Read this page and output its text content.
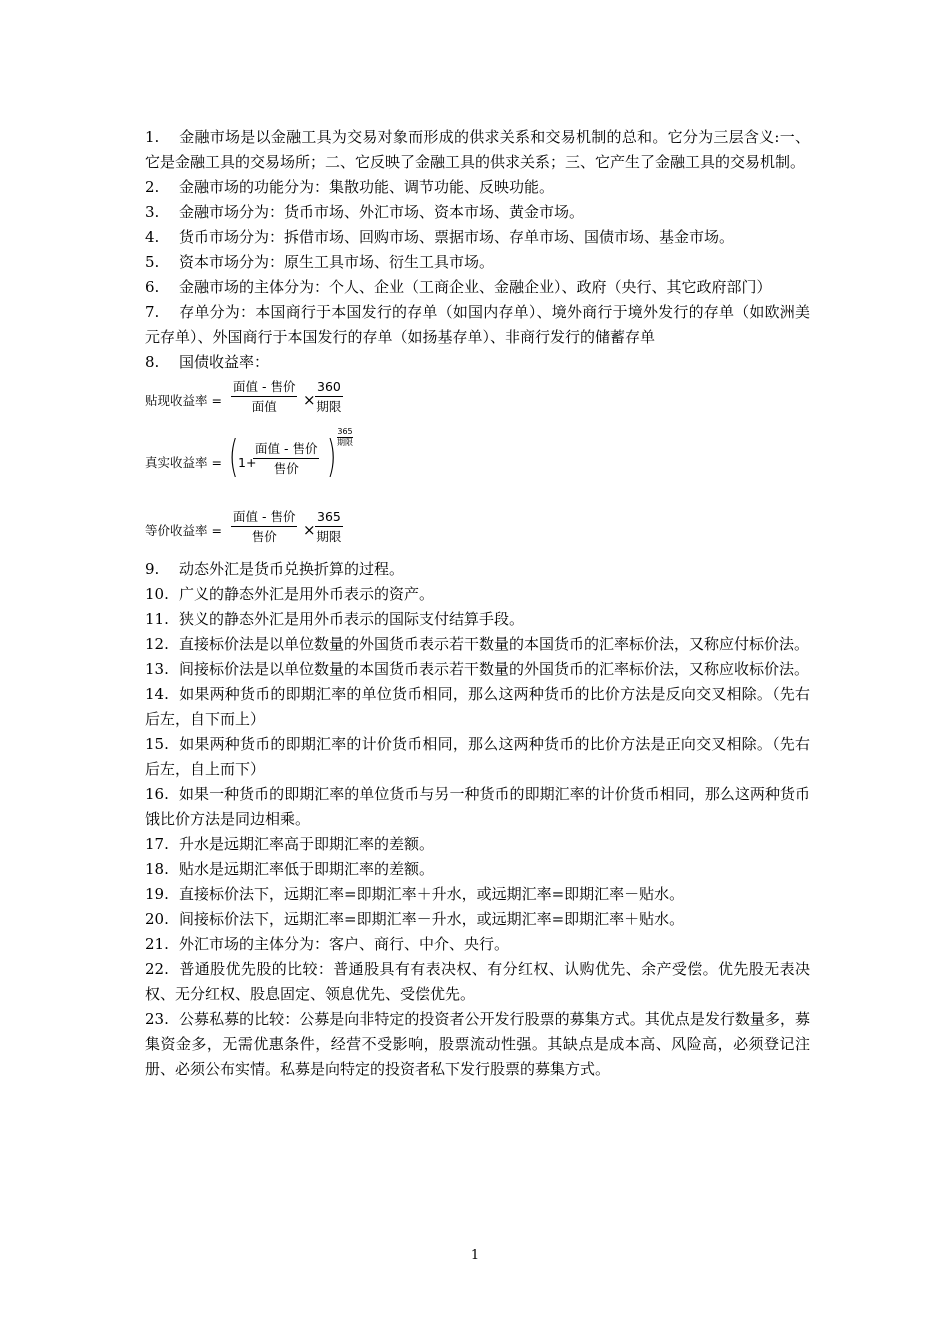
1. 金融市场是以金融工具为交易对象而形成的供求关系和交易机制的总和。它分为三层含义:一、它是金融工具的交易场所；二、它反映了金融工具的供求关系；三、它产生了金融工具的交易机制。

2. 金融市场的功能分为：集散功能、调节功能、反映功能。

3. 金融市场分为：货币市场、外汇市场、资本市场、黄金市场。

4. 货币市场分为：拆借市场、回购市场、票据市场、存单市场、国债市场、基金市场。

5. 资本市场分为：原生工具市场、衍生工具市场。

6. 金融市场的主体分为：个人、企业（工商企业、金融企业）、政府（央行、其它政府部门）

7. 存单分为：本国商行于本国发行的存单（如国内存单）、境外商行于境外发行的存单（如欧洲美元存单）、外国商行于本国发行的存单（如扬基存单）、非商行发行的储蓄存单

8. 国债收益率：

贴现收益率 =
面值 - 售价
面值	×
360
期限
真实收益率 = ( 1+
面值 - 售价
售价 ) 365
期限
等价收益率 =
面值 - 售价
售价	×
365
期限

9. 动态外汇是货币兑换折算的过程。

10. 广义的静态外汇是用外币表示的资产。

11. 狭义的静态外汇是用外币表示的国际支付结算手段。

12. 直接标价法是以单位数量的外国货币表示若干数量的本国货币的汇率标价法，又称应付标价法。

13. 间接标价法是以单位数量的本国货币表示若干数量的外国货币的汇率标价法，又称应收标价法。

14. 如果两种货币的即期汇率的单位货币相同，那么这两种货币的比价方法是反向交叉相除。（先右后左，自下而上）

15. 如果两种货币的即期汇率的计价货币相同，那么这两种货币的比价方法是正向交叉相除。（先右后左，自上而下）

16. 如果一种货币的即期汇率的单位货币与另一种货币的即期汇率的计价货币相同，那么这两种货币饿比价方法是同边相乘。

17. 升水是远期汇率高于即期汇率的差额。

18. 贴水是远期汇率低于即期汇率的差额。

19. 直接标价法下，远期汇率=即期汇率＋升水，或远期汇率=即期汇率－贴水。

20. 间接标价法下，远期汇率=即期汇率－升水，或远期汇率=即期汇率＋贴水。

21. 外汇市场的主体分为：客户、商行、中介、央行。

22. 普通股优先股的比较：普通股具有有表决权、有分红权、认购优先、余产受偿。优先股无表决权、无分红权、股息固定、领息优先、受偿优先。

23. 公募私募的比较：公募是向非特定的投资者公开发行股票的募集方式。其优点是发行数量多，募集资金多，无需优惠条件，经营不受影响，股票流动性强。其缺点是成本高、风险高，必须登记注册、必须公布实情。私募是向特定的投资者私下发行股票的募集方式。

1
